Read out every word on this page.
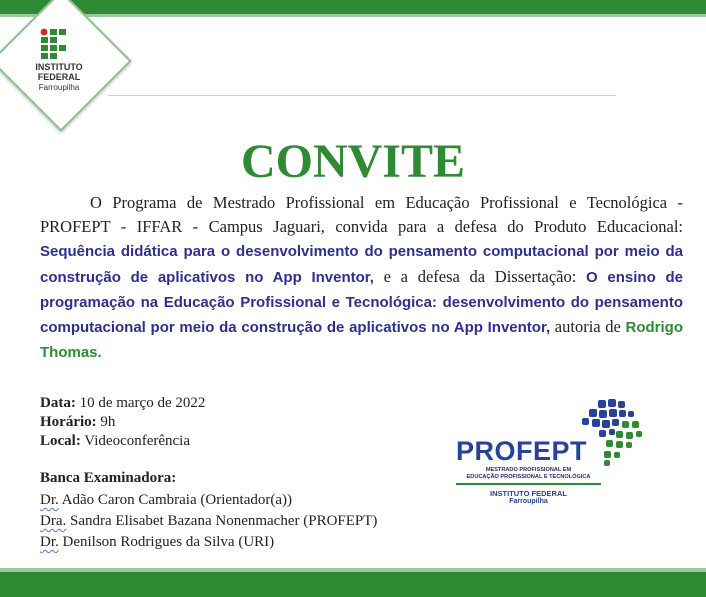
INSTITUTO
FEDERAL
Farroupilha
CONVITE
O Programa de Mestrado Profissional em Educação Profissional e Tecnológica - PROFEPT - IFFAR - Campus Jaguari, convida para a defesa do Produto Educacional: Sequência didática para o desenvolvimento do pensamento computacional por meio da construção de aplicativos no App Inventor, e a defesa da Dissertação: O ensino de programação na Educação Profissional e Tecnológica: desenvolvimento do pensamento computacional por meio da construção de aplicativos no App Inventor, autoria de Rodrigo Thomas.
Data: 10 de março de 2022
Horário: 9h
Local: Videoconferência
Banca Examinadora:
Dr. Adão Caron Cambraia (Orientador(a))
Dra. Sandra Elisabet Bazana Nonenmacher (PROFEPT)
Dr. Denilson Rodrigues da Silva (URI)
PROFEPT
MESTRADO PROFISSIONAL EM
EDUCAÇÃO PROFISSIONAL E TECNOLÓGICA
INSTITUTO FEDERAL
Farroupilha
